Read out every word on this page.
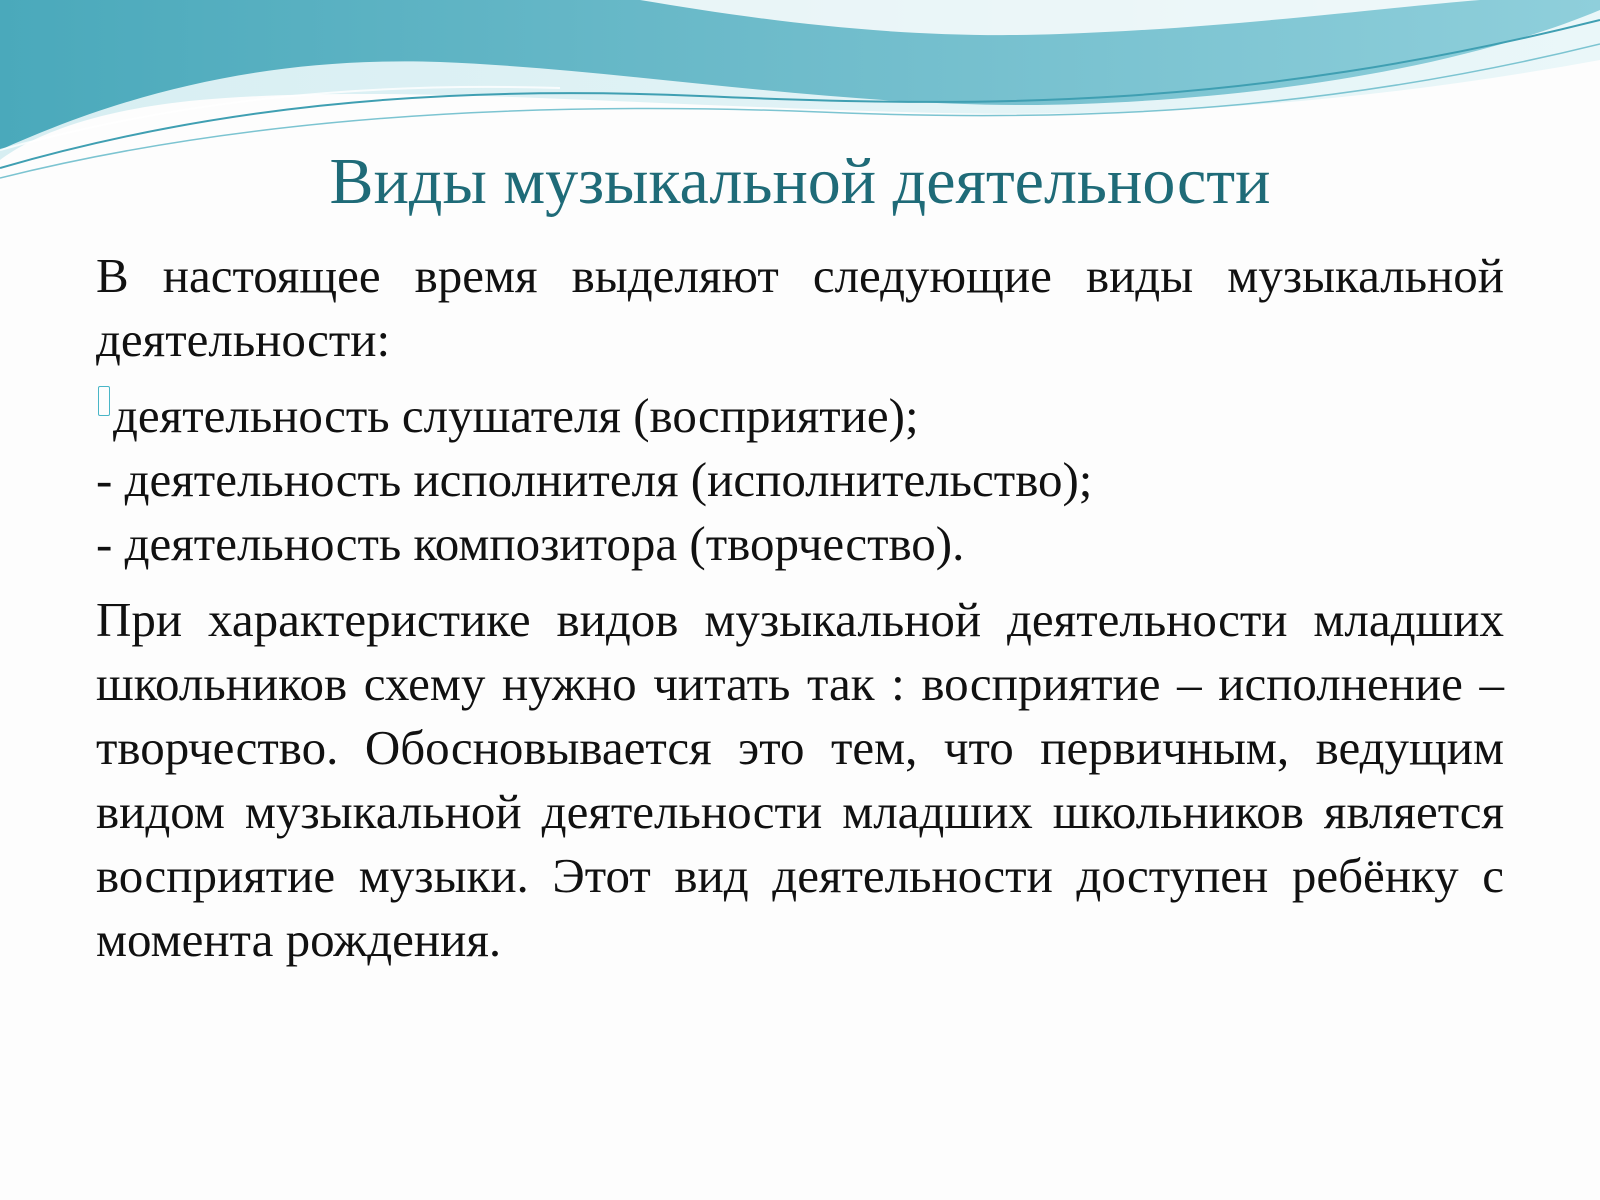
Виды музыкальной деятельности

В настоящее время выделяют следующие виды музыкальной деятельности:

деятельность слушателя (восприятие);
- деятельность исполнителя (исполнительство);
- деятельность композитора (творчество).

При характеристике видов музыкальной деятельности младших школьников схему нужно читать так : восприятие – исполнение – творчество. Обосновывается это тем, что первичным, ведущим видом музыкальной деятельности младших школьников является восприятие музыки. Этот вид деятельности доступен ребёнку с момента рождения.
